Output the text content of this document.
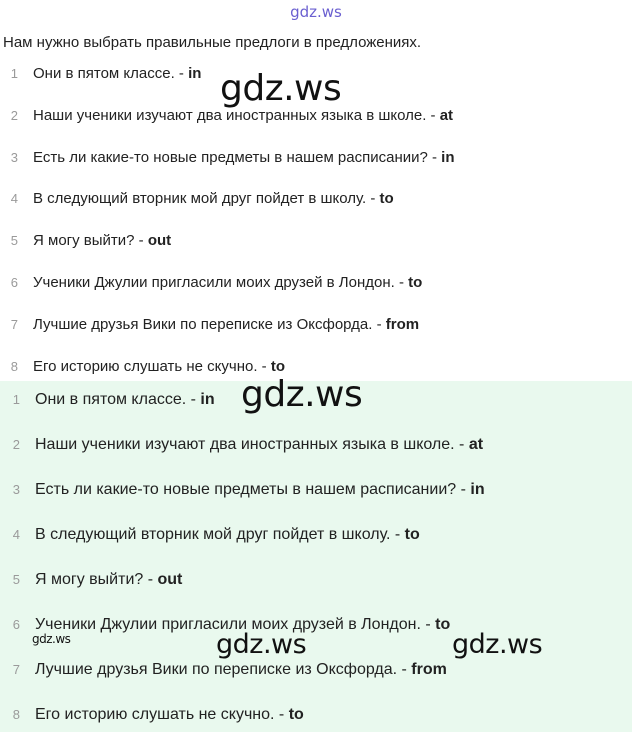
gdz.ws
Нам нужно выбрать правильные предлоги в предложениях.
1 Они в пятом классе. - in
2 Наши ученики изучают два иностранных языка в школе. - at
3 Есть ли какие-то новые предметы в нашем расписании? - in
4 В следующий вторник мой друг пойдет в школу. - to
5 Я могу выйти? - out
6 Ученики Джулии пригласили моих друзей в Лондон. - to
7 Лучшие друзья Вики по переписке из Оксфорда. - from
8 Его историю слушать не скучно. - to
1 Они в пятом классе. - in
2 Наши ученики изучают два иностранных языка в школе. - at
3 Есть ли какие-то новые предметы в нашем расписании? - in
4 В следующий вторник мой друг пойдет в школу. - to
5 Я могу выйти? - out
6 Ученики Джулии пригласили моих друзей в Лондон. - to
7 Лучшие друзья Вики по переписке из Оксфорда. - from
8 Его историю слушать не скучно. - to
gdz.ws
gdz.ws
gdz.ws	gdz.ws
gdz.ws
